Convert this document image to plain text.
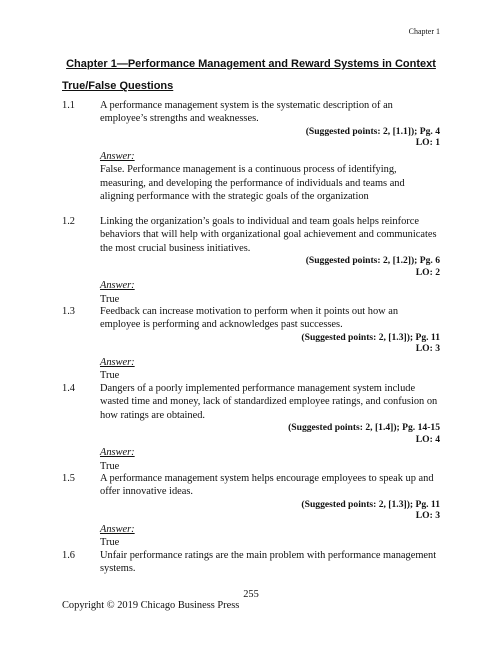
Chapter 1
Chapter 1—Performance Management and Reward Systems in Context
True/False Questions
1.1 A performance management system is the systematic description of an employee’s strengths and weaknesses.
(Suggested points: 2, [1.1]); Pg. 4
LO: 1
Answer:
False. Performance management is a continuous process of identifying, measuring, and developing the performance of individuals and teams and aligning performance with the strategic goals of the organization
1.2 Linking the organization’s goals to individual and team goals helps reinforce behaviors that will help with organizational goal achievement and communicates the most crucial business initiatives.
(Suggested points: 2, [1.2]); Pg. 6
LO: 2
Answer:
True
1.3 Feedback can increase motivation to perform when it points out how an employee is performing and acknowledges past successes.
(Suggested points: 2, [1.3]); Pg. 11
LO: 3
Answer:
True
1.4 Dangers of a poorly implemented performance management system include wasted time and money, lack of standardized employee ratings, and confusion on how ratings are obtained.
(Suggested points: 2, [1.4]); Pg. 14-15
LO: 4
Answer:
True
1.5 A performance management system helps encourage employees to speak up and offer innovative ideas.
(Suggested points: 2, [1.3]); Pg. 11
LO: 3
Answer:
True
1.6 Unfair performance ratings are the main problem with performance management systems.
255
Copyright © 2019 Chicago Business Press
